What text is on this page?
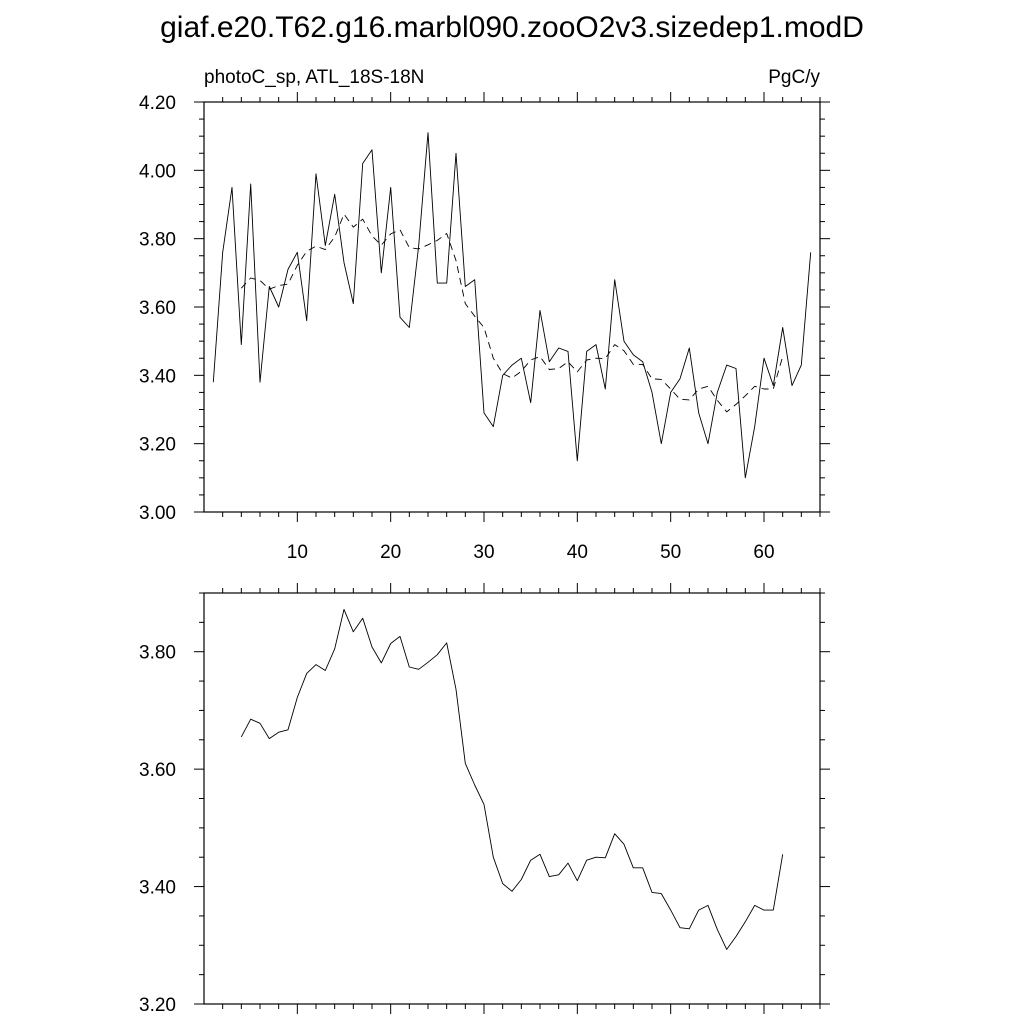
giaf.e20.T62.g16.marbl090.zooO2v3.sizedep1.modD
photoC_sp, ATL_18S-18N	PgC/y
10	20	30	40	50	60
3.00
3.20
3.40
3.60
3.80
4.00
4.20
3.20
3.40
3.60
3.80
